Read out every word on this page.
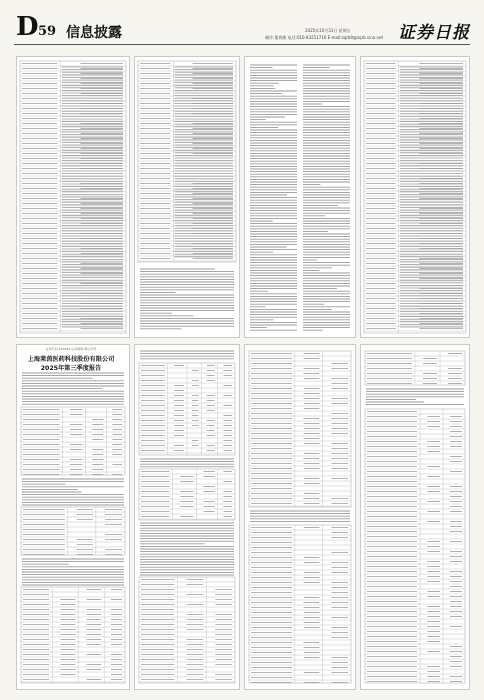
D 59 信息披露	2025年10月31日 星期五
制作:董春敏 电话:010-83251716 E-mail:zqrb9@zqrb.sina.net 证券日报
证券代码:603290 证券简称:斯达半导
上海莱茵医药科技股份有限公司
2025年第三季度报告
